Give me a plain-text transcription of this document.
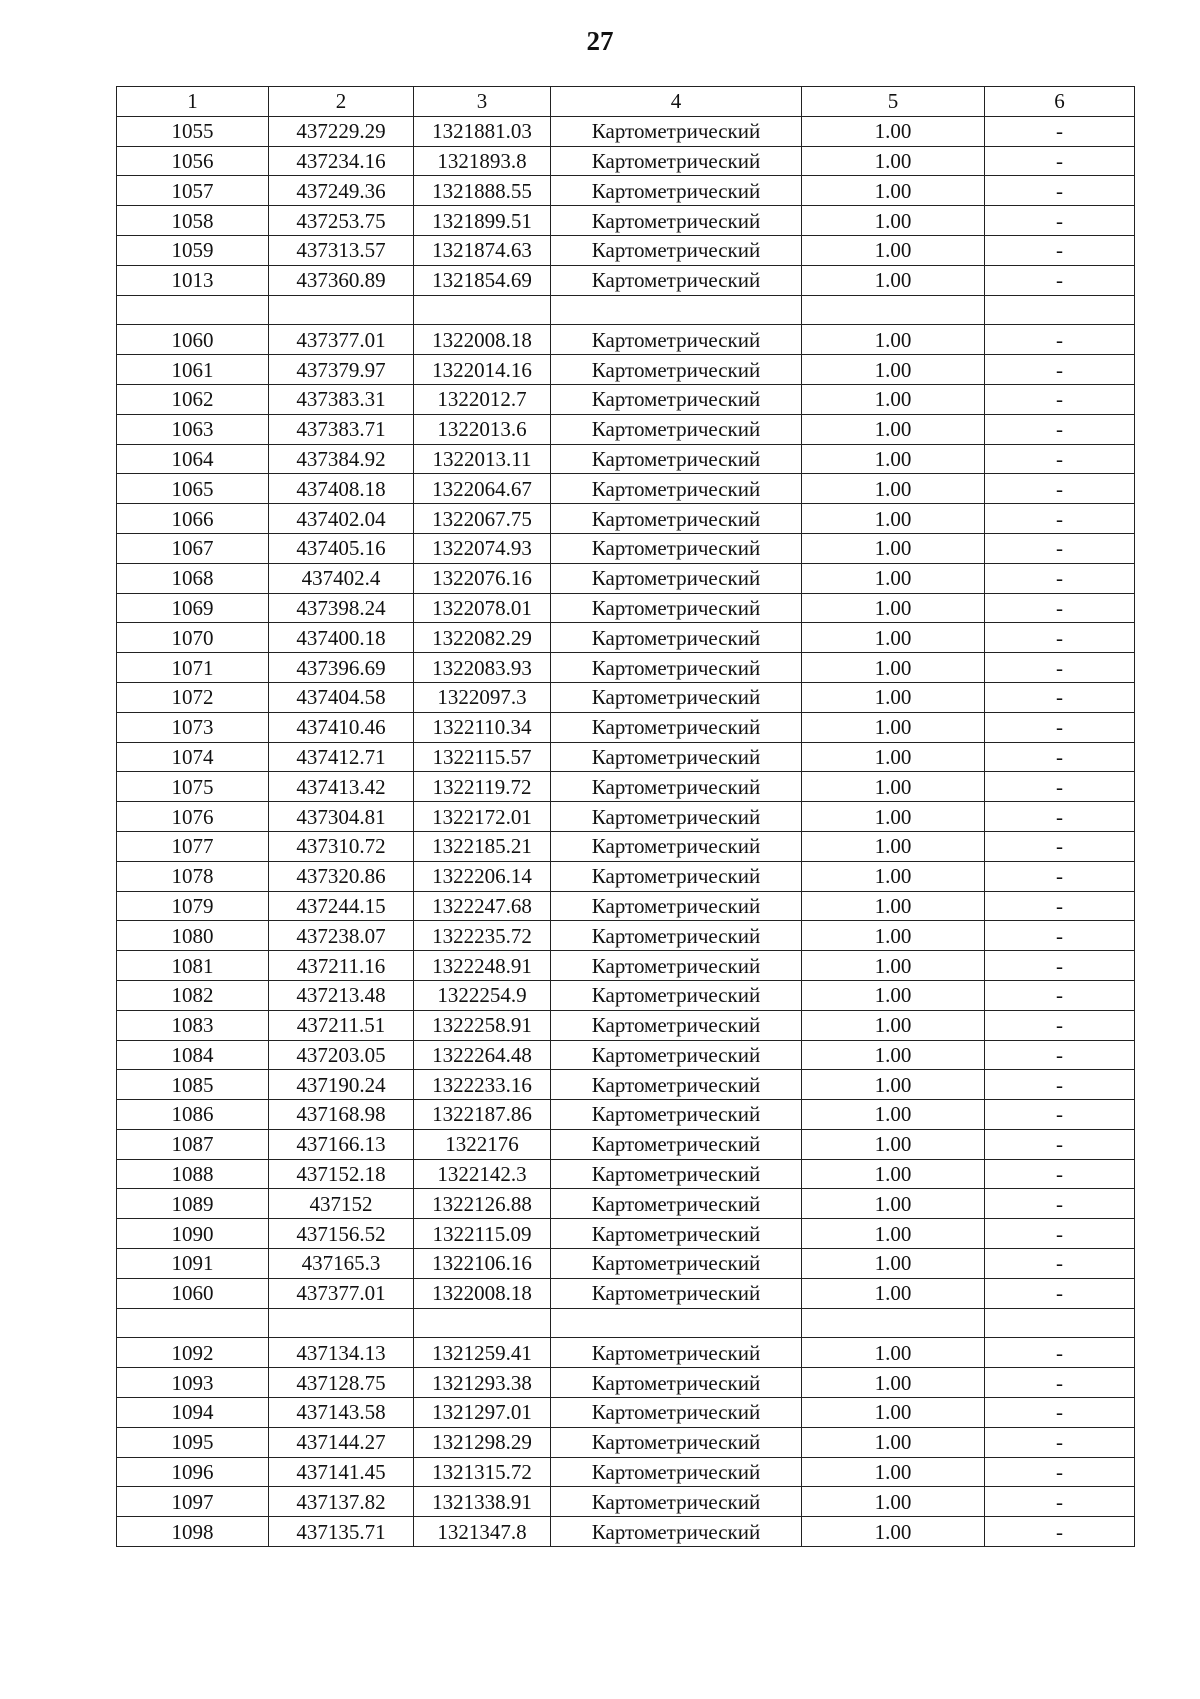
27
1	2	3	4	5	6
1055	437229.29	1321881.03	Картометрический	1.00	-
1056	437234.16	1321893.8	Картометрический	1.00	-
1057	437249.36	1321888.55	Картометрический	1.00	-
1058	437253.75	1321899.51	Картометрический	1.00	-
1059	437313.57	1321874.63	Картометрический	1.00	-
1013	437360.89	1321854.69	Картометрический	1.00	-

1060	437377.01	1322008.18	Картометрический	1.00	-
1061	437379.97	1322014.16	Картометрический	1.00	-
1062	437383.31	1322012.7	Картометрический	1.00	-
1063	437383.71	1322013.6	Картометрический	1.00	-
1064	437384.92	1322013.11	Картометрический	1.00	-
1065	437408.18	1322064.67	Картометрический	1.00	-
1066	437402.04	1322067.75	Картометрический	1.00	-
1067	437405.16	1322074.93	Картометрический	1.00	-
1068	437402.4	1322076.16	Картометрический	1.00	-
1069	437398.24	1322078.01	Картометрический	1.00	-
1070	437400.18	1322082.29	Картометрический	1.00	-
1071	437396.69	1322083.93	Картометрический	1.00	-
1072	437404.58	1322097.3	Картометрический	1.00	-
1073	437410.46	1322110.34	Картометрический	1.00	-
1074	437412.71	1322115.57	Картометрический	1.00	-
1075	437413.42	1322119.72	Картометрический	1.00	-
1076	437304.81	1322172.01	Картометрический	1.00	-
1077	437310.72	1322185.21	Картометрический	1.00	-
1078	437320.86	1322206.14	Картометрический	1.00	-
1079	437244.15	1322247.68	Картометрический	1.00	-
1080	437238.07	1322235.72	Картометрический	1.00	-
1081	437211.16	1322248.91	Картометрический	1.00	-
1082	437213.48	1322254.9	Картометрический	1.00	-
1083	437211.51	1322258.91	Картометрический	1.00	-
1084	437203.05	1322264.48	Картометрический	1.00	-
1085	437190.24	1322233.16	Картометрический	1.00	-
1086	437168.98	1322187.86	Картометрический	1.00	-
1087	437166.13	1322176	Картометрический	1.00	-
1088	437152.18	1322142.3	Картометрический	1.00	-
1089	437152	1322126.88	Картометрический	1.00	-
1090	437156.52	1322115.09	Картометрический	1.00	-
1091	437165.3	1322106.16	Картометрический	1.00	-
1060	437377.01	1322008.18	Картометрический	1.00	-

1092	437134.13	1321259.41	Картометрический	1.00	-
1093	437128.75	1321293.38	Картометрический	1.00	-
1094	437143.58	1321297.01	Картометрический	1.00	-
1095	437144.27	1321298.29	Картометрический	1.00	-
1096	437141.45	1321315.72	Картометрический	1.00	-
1097	437137.82	1321338.91	Картометрический	1.00	-
1098	437135.71	1321347.8	Картометрический	1.00	-
